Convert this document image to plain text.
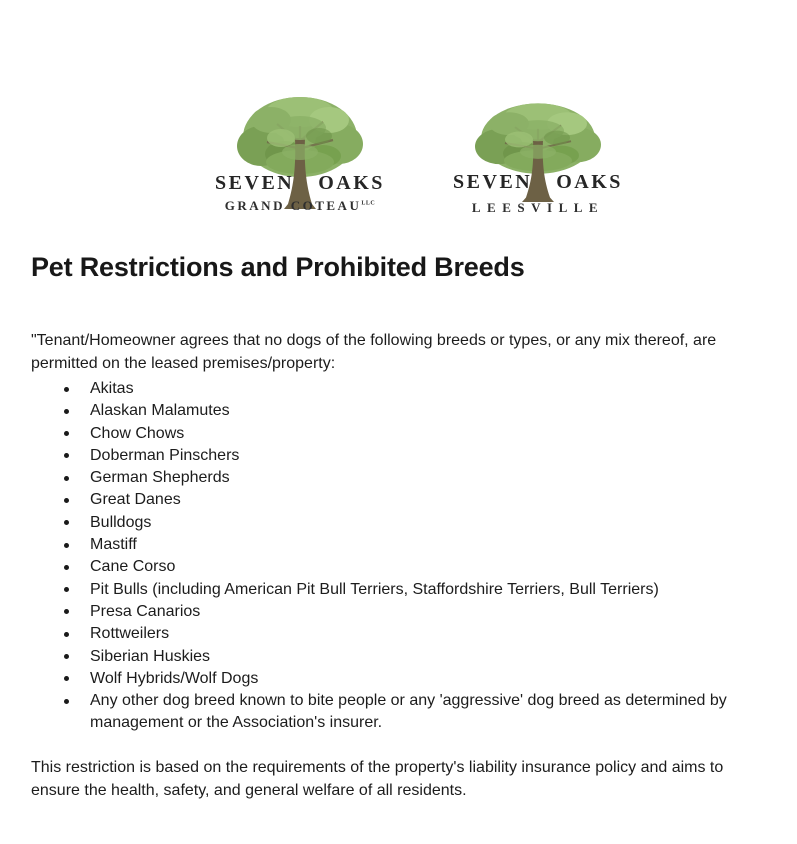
SEVEN OAKS
GRAND $COTEAU^{LLC}$
SEVEN OAKS
LEESVILLE
Pet Restrictions and Prohibited Breeds
"Tenant/Homeowner agrees that no dogs of the following breeds or types, or any mix thereof, are
permitted on the leased premises/property:
Akitas
Alaskan Malamutes
Chow Chows
Doberman Pinschers
German Shepherds
Great Danes
Bulldogs
Mastiff
Cane Corso
Pit Bulls (including American Pit Bull Terriers, Staffordshire Terriers, Bull Terriers)
Presa Canarios
Rottweilers
Siberian Huskies
Wolf Hybrids/Wolf Dogs
Any other dog breed known to bite people or any 'aggressive' dog breed as determined by management or the Association's insurer.
This restriction is based on the requirements of the property's liability insurance policy and aims to
ensure the health, safety, and general welfare of all residents.
